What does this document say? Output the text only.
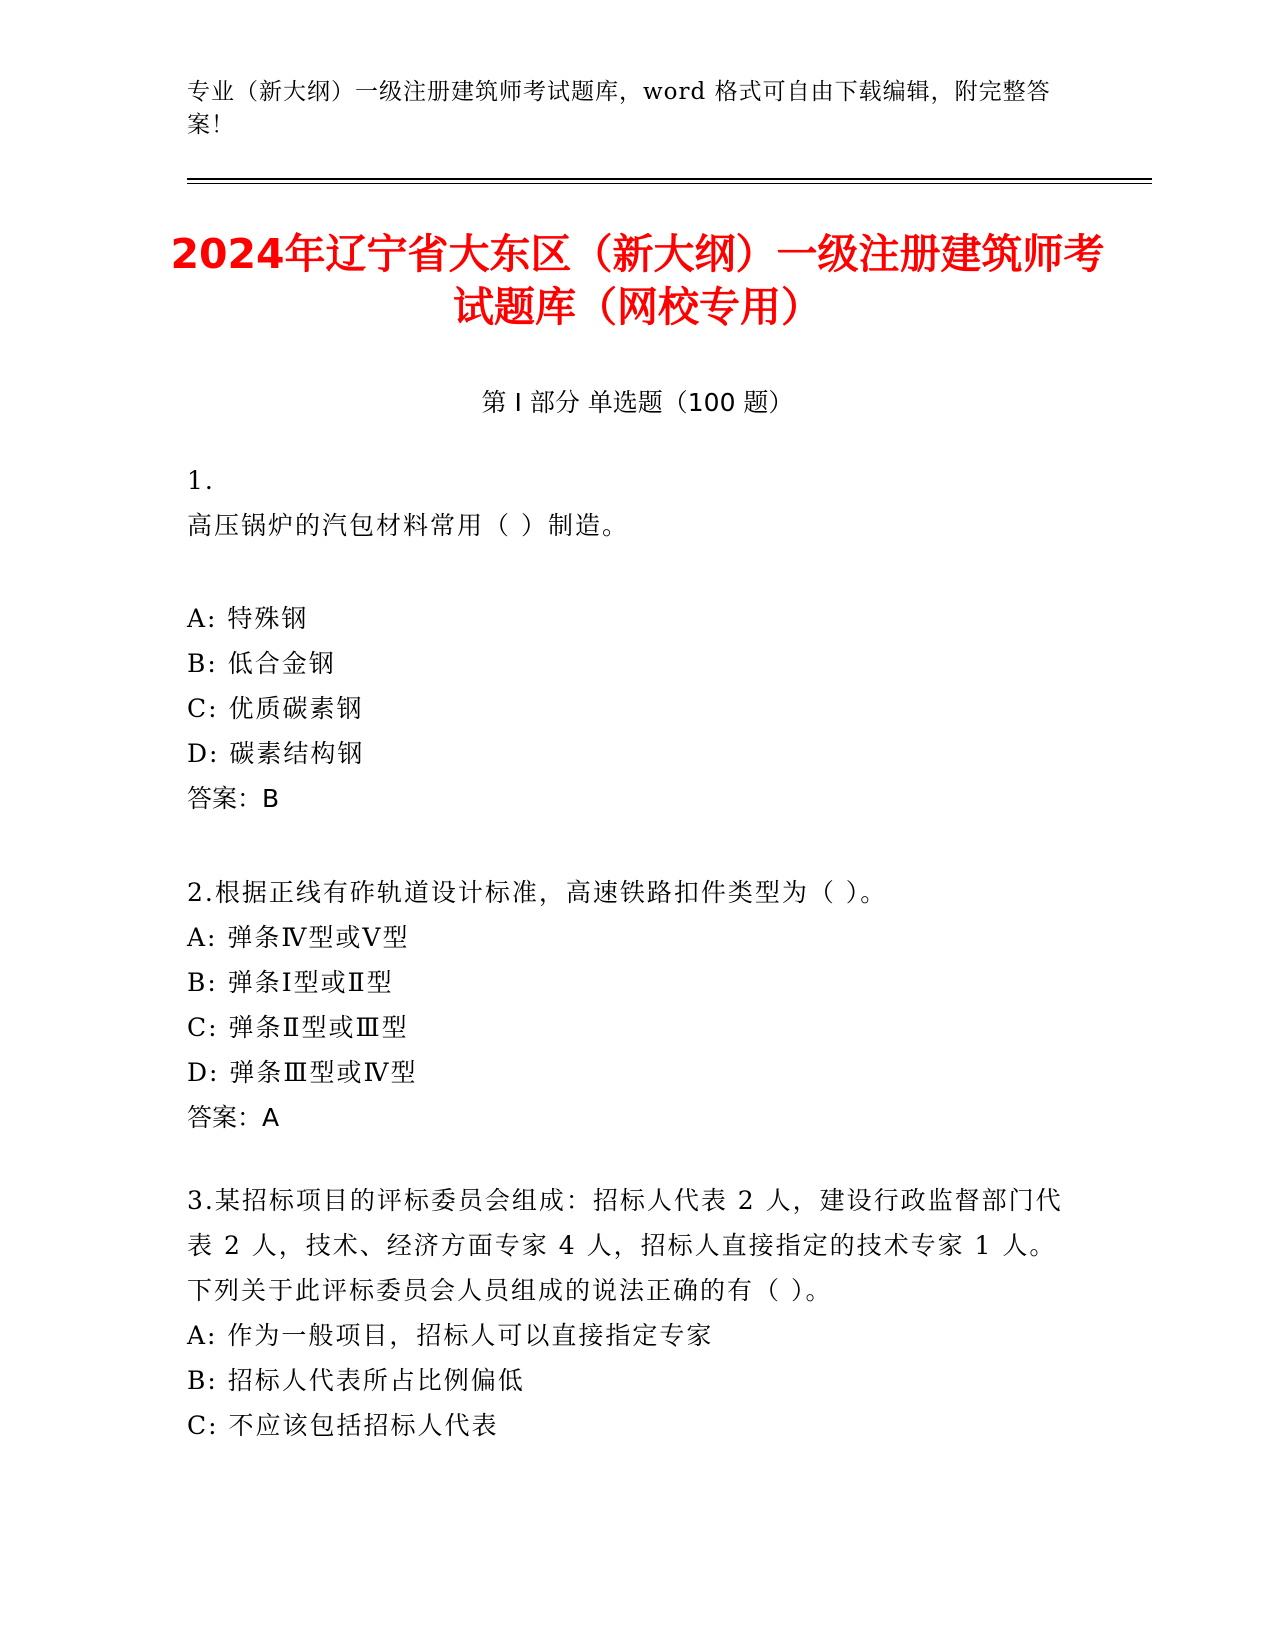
专业（新大纲）一级注册建筑师考试题库，word 格式可自由下载编辑，附完整答案！
2024年辽宁省大东区（新大纲）一级注册建筑师考试题库（网校专用）
第 I 部分 单选题（100 题）
1.
高压锅炉的汽包材料常用（ ）制造。
A: 特殊钢
B: 低合金钢
C: 优质碳素钢
D: 碳素结构钢
答案：B
2.根据正线有砟轨道设计标准，高速铁路扣件类型为（ ）。
A: 弹条Ⅳ型或Ⅴ型
B: 弹条Ⅰ型或Ⅱ型
C: 弹条Ⅱ型或Ⅲ型
D: 弹条Ⅲ型或Ⅳ型
答案：A
3.某招标项目的评标委员会组成：招标人代表 2 人，建设行政监督部门代表 2 人，技术、经济方面专家 4 人，招标人直接指定的技术专家 1 人。下列关于此评标委员会人员组成的说法正确的有（ ）。
A: 作为一般项目，招标人可以直接指定专家
B: 招标人代表所占比例偏低
C: 不应该包括招标人代表
